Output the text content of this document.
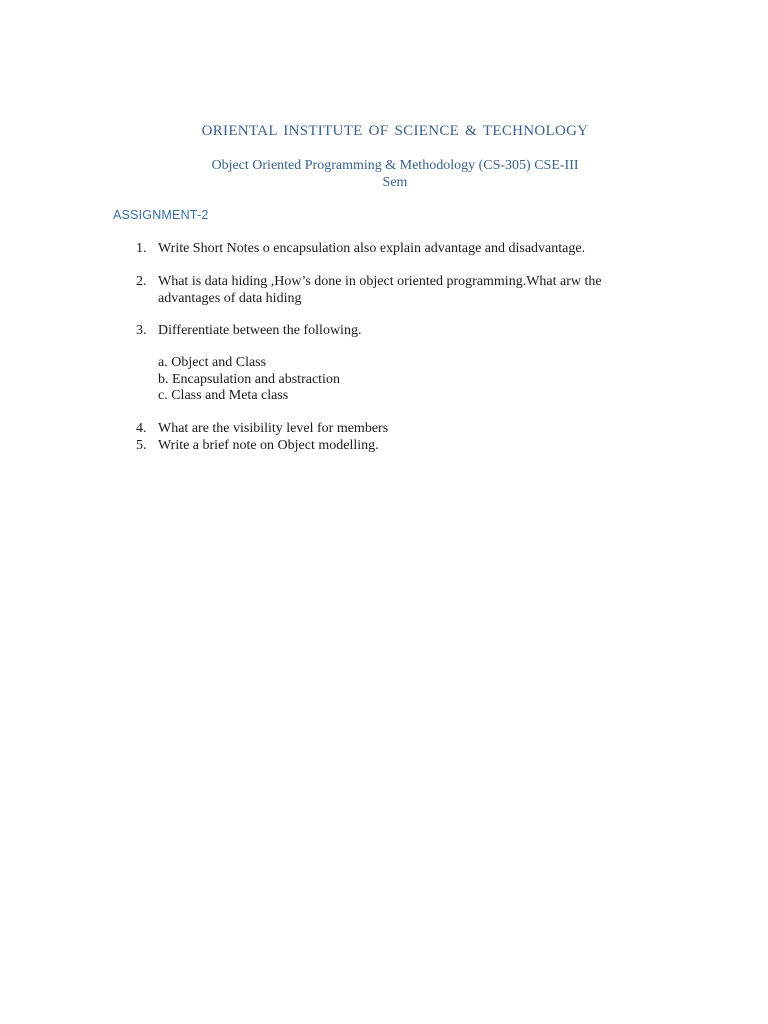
ORIENTAL INSTITUTE OF SCIENCE & TECHNOLOGY
Object Oriented Programming & Methodology (CS-305) CSE-III Sem
ASSIGNMENT-2
1. Write Short Notes o encapsulation also explain advantage and disadvantage.
2. What is data hiding ,How’s done in object oriented programming.What arw the advantages of data hiding
3. Differentiate between the following.
a. Object and Class
b. Encapsulation and abstraction
c. Class and Meta class
4. What are the visibility level for members
5. Write a brief note on Object modelling.
